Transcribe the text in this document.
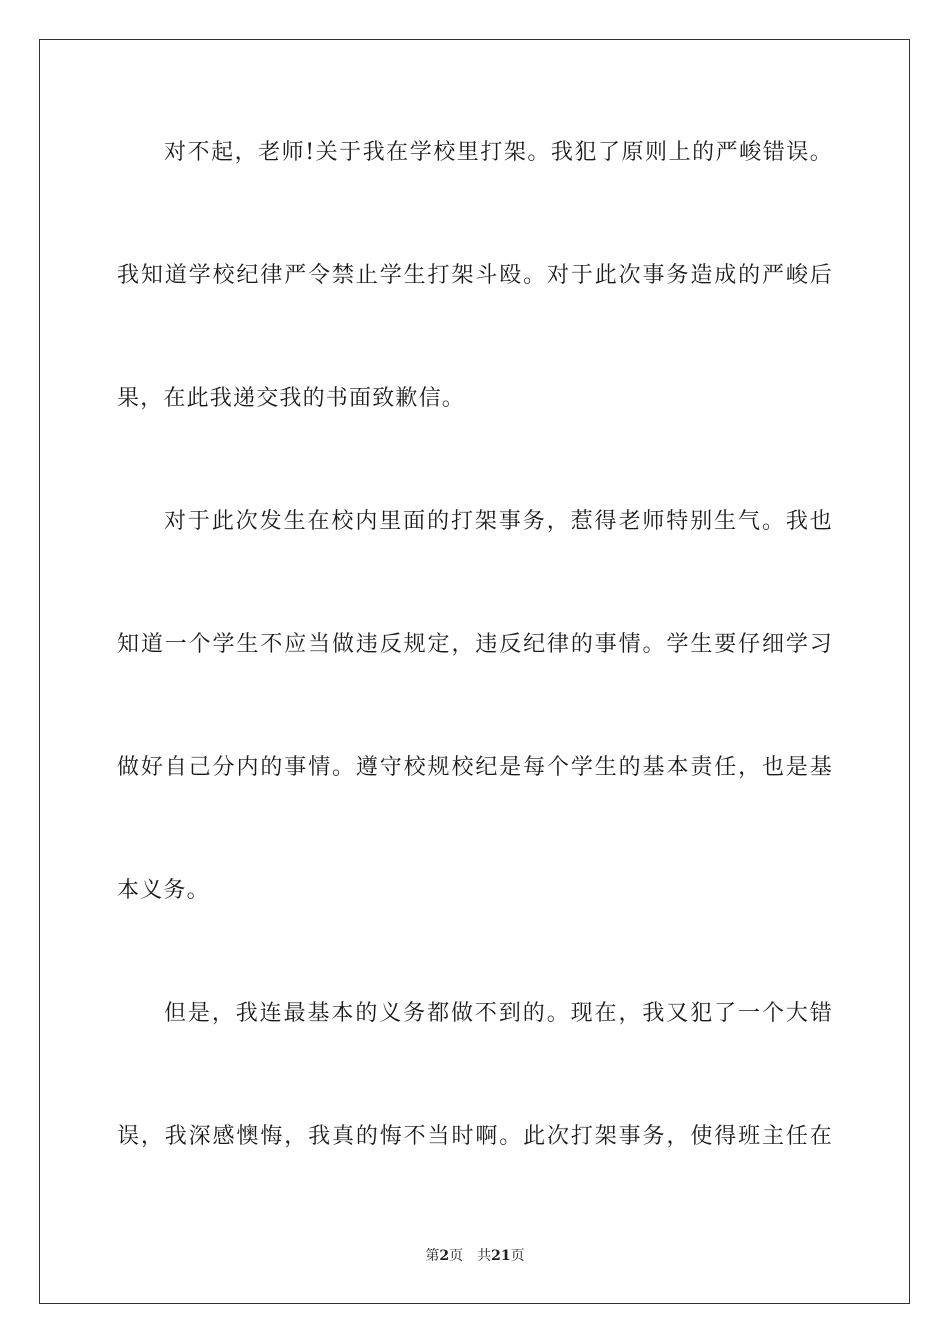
对不起，老师!关于我在学校里打架。我犯了原则上的严峻错误。
我知道学校纪律严令禁止学生打架斗殴。对于此次事务造成的严峻后
果，在此我递交我的书面致歉信。
对于此次发生在校内里面的打架事务，惹得老师特别生气。我也
知道一个学生不应当做违反规定，违反纪律的事情。学生要仔细学习
做好自己分内的事情。遵守校规校纪是每个学生的基本责任，也是基
本义务。
但是，我连最基本的义务都做不到的。现在，我又犯了一个大错
误，我深感懊悔，我真的悔不当时啊。此次打架事务，使得班主任在
第2页 共21页
